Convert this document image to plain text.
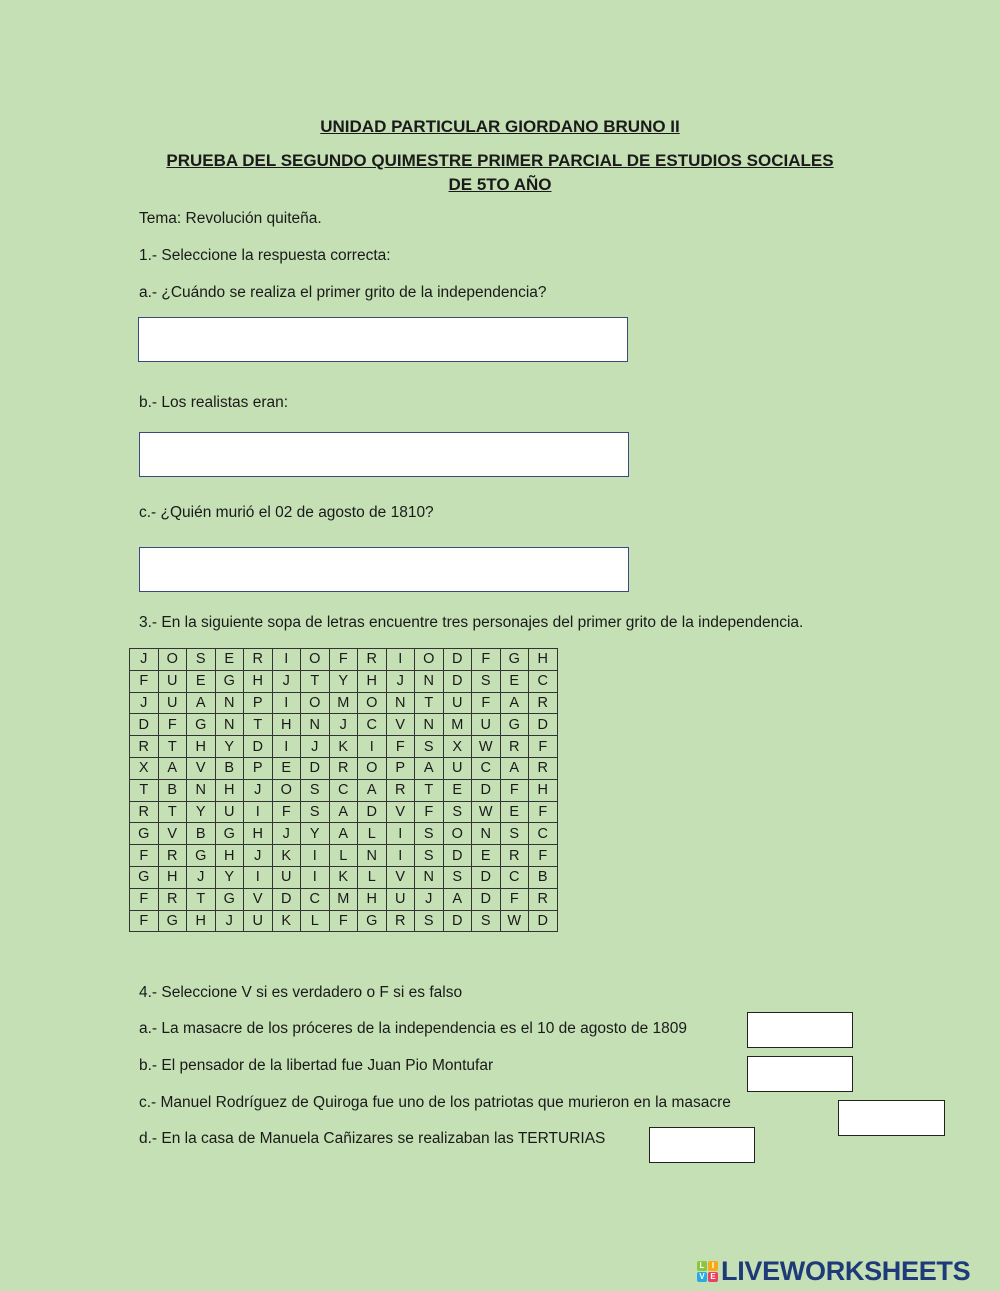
UNIDAD PARTICULAR GIORDANO BRUNO II
PRUEBA DEL SEGUNDO QUIMESTRE PRIMER PARCIAL DE ESTUDIOS SOCIALES
DE 5TO AÑO
Tema: Revolución quiteña.
1.- Seleccione la respuesta correcta:
a.- ¿Cuándo se realiza el primer grito de la independencia?
b.- Los realistas eran:
c.- ¿Quién murió el 02 de agosto de 1810?
3.- En la siguiente sopa de letras encuentre tres personajes del primer grito de la independencia.
J	O	S	E	R	I	O	F	R	I	O	D	F	G	H
F	U	E	G	H	J	T	Y	H	J	N	D	S	E	C
J	U	A	N	P	I	O	M	O	N	T	U	F	A	R
D	F	G	N	T	H	N	J	C	V	N	M	U	G	D
R	T	H	Y	D	I	J	K	I	F	S	X	W	R	F
X	A	V	B	P	E	D	R	O	P	A	U	C	A	R
T	B	N	H	J	O	S	C	A	R	T	E	D	F	H
R	T	Y	U	I	F	S	A	D	V	F	S	W	E	F
G	V	B	G	H	J	Y	A	L	I	S	O	N	S	C
F	R	G	H	J	K	I	L	N	I	S	D	E	R	F
G	H	J	Y	I	U	I	K	L	V	N	S	D	C	B
F	R	T	G	V	D	C	M	H	U	J	A	D	F	R
F	G	H	J	U	K	L	F	G	R	S	D	S	W	D
4.- Seleccione V si es verdadero o F si es falso
a.- La masacre de los próceres de la independencia es el 10 de agosto de 1809
b.- El pensador de la libertad fue Juan Pio Montufar
c.- Manuel Rodríguez de Quiroga fue uno de los patriotas que murieron en la masacre
d.- En la casa de Manuela Cañizares se realizaban las TERTURIAS
L I
V E LIVEWORKSHEETS
